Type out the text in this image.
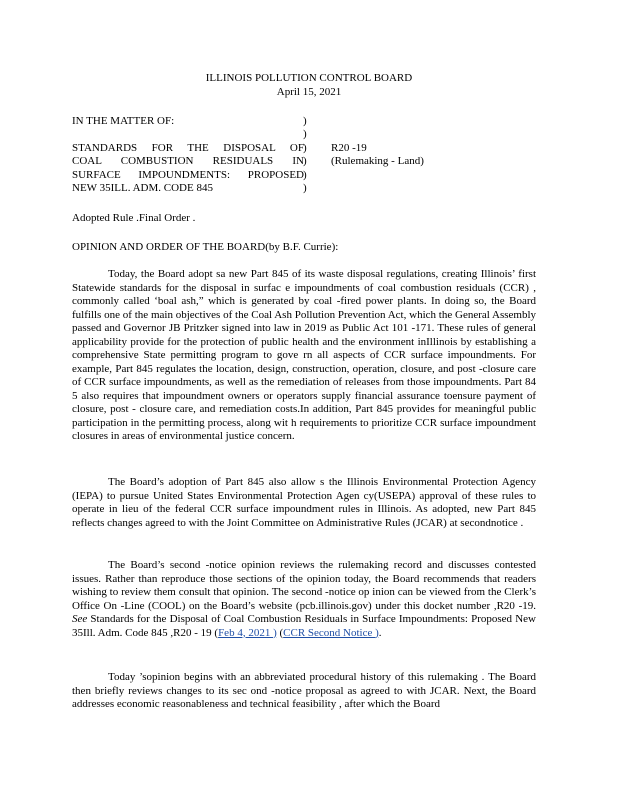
ILLINOIS POLLUTION CONTROL BOARD
April 15, 2021
IN THE MATTER OF:
STANDARDS FOR THE DISPOSAL OF
COAL COMBUSTION RESIDUALS IN
SURFACE IMPOUNDMENTS: PROPOSED
NEW 35ILL. ADM. CODE 845
)
)
)
)
)
)
R20 -19
(Rulemaking - Land)
Adopted Rule .Final Order .
OPINION AND ORDER OF THE BOARD(by B.F. Currie):

Today, the Board adopt sa new Part 845 of its waste disposal regulations, creating Illinois’ first Statewide standards for the disposal in surfac e impoundments of coal combustion residuals (CCR) , commonly called ‘boal ash,” which is generated by coal -fired power plants. In doing so, the Board fulfills one of the main objectives of the Coal Ash Pollution Prevention Act, which the General Assembly passed and Governor JB Pritzker signed into law in 2019 as Public Act 101 -171. These rules of general applicability provide for the protection of public health and the environment inIllinois by establishing a comprehensive State permitting program to gove rn all aspects of CCR surface impoundments. For example, Part 845 regulates the location, design, construction, operation, closure, and post -closure care of CCR surface impoundments, as well as the remediation of releases from those impoundments. Part 84 5 also requires that impoundment owners or operators supply financial assurance toensure payment of closure, post - closure care, and remediation costs.In addition, Part 845 provides for meaningful public participation in the permitting process, along wit h requirements to prioritize CCR surface impoundment closures in areas of environmental justice concern.

The Board’s adoption of Part 845 also allow s the Illinois Environmental Protection Agency (IEPA) to pursue United States Environmental Protection Agen cy(USEPA) approval of these rules to operate in lieu of the federal CCR surface impoundment rules in Illinois. As adopted, new Part 845 reflects changes agreed to with the Joint Committee on Administrative Rules (JCAR) at secondnotice .

The Board’s second -notice opinion reviews the rulemaking record and discusses contested issues. Rather than reproduce those sections of the opinion today, the Board recommends that readers wishing to review them consult that opinion. The second -notice op inion can be viewed from the Clerk’s Office On -Line (COOL) on the Board’s website (pcb.illinois.gov) under this docket number ,R20 -19. See Standards for the Disposal of Coal Combustion Residuals in Surface Impoundments: Proposed New 35Ill. Adm. Code 845 ,R20 - 19 (Feb 4, 2021 ) (CCR Second Notice ).

Today ’sopinion begins with an abbreviated procedural history of this rulemaking . The Board then briefly reviews changes to its sec ond -notice proposal as agreed to with JCAR. Next, the Board addresses economic reasonableness and technical feasibility , after which the Board
